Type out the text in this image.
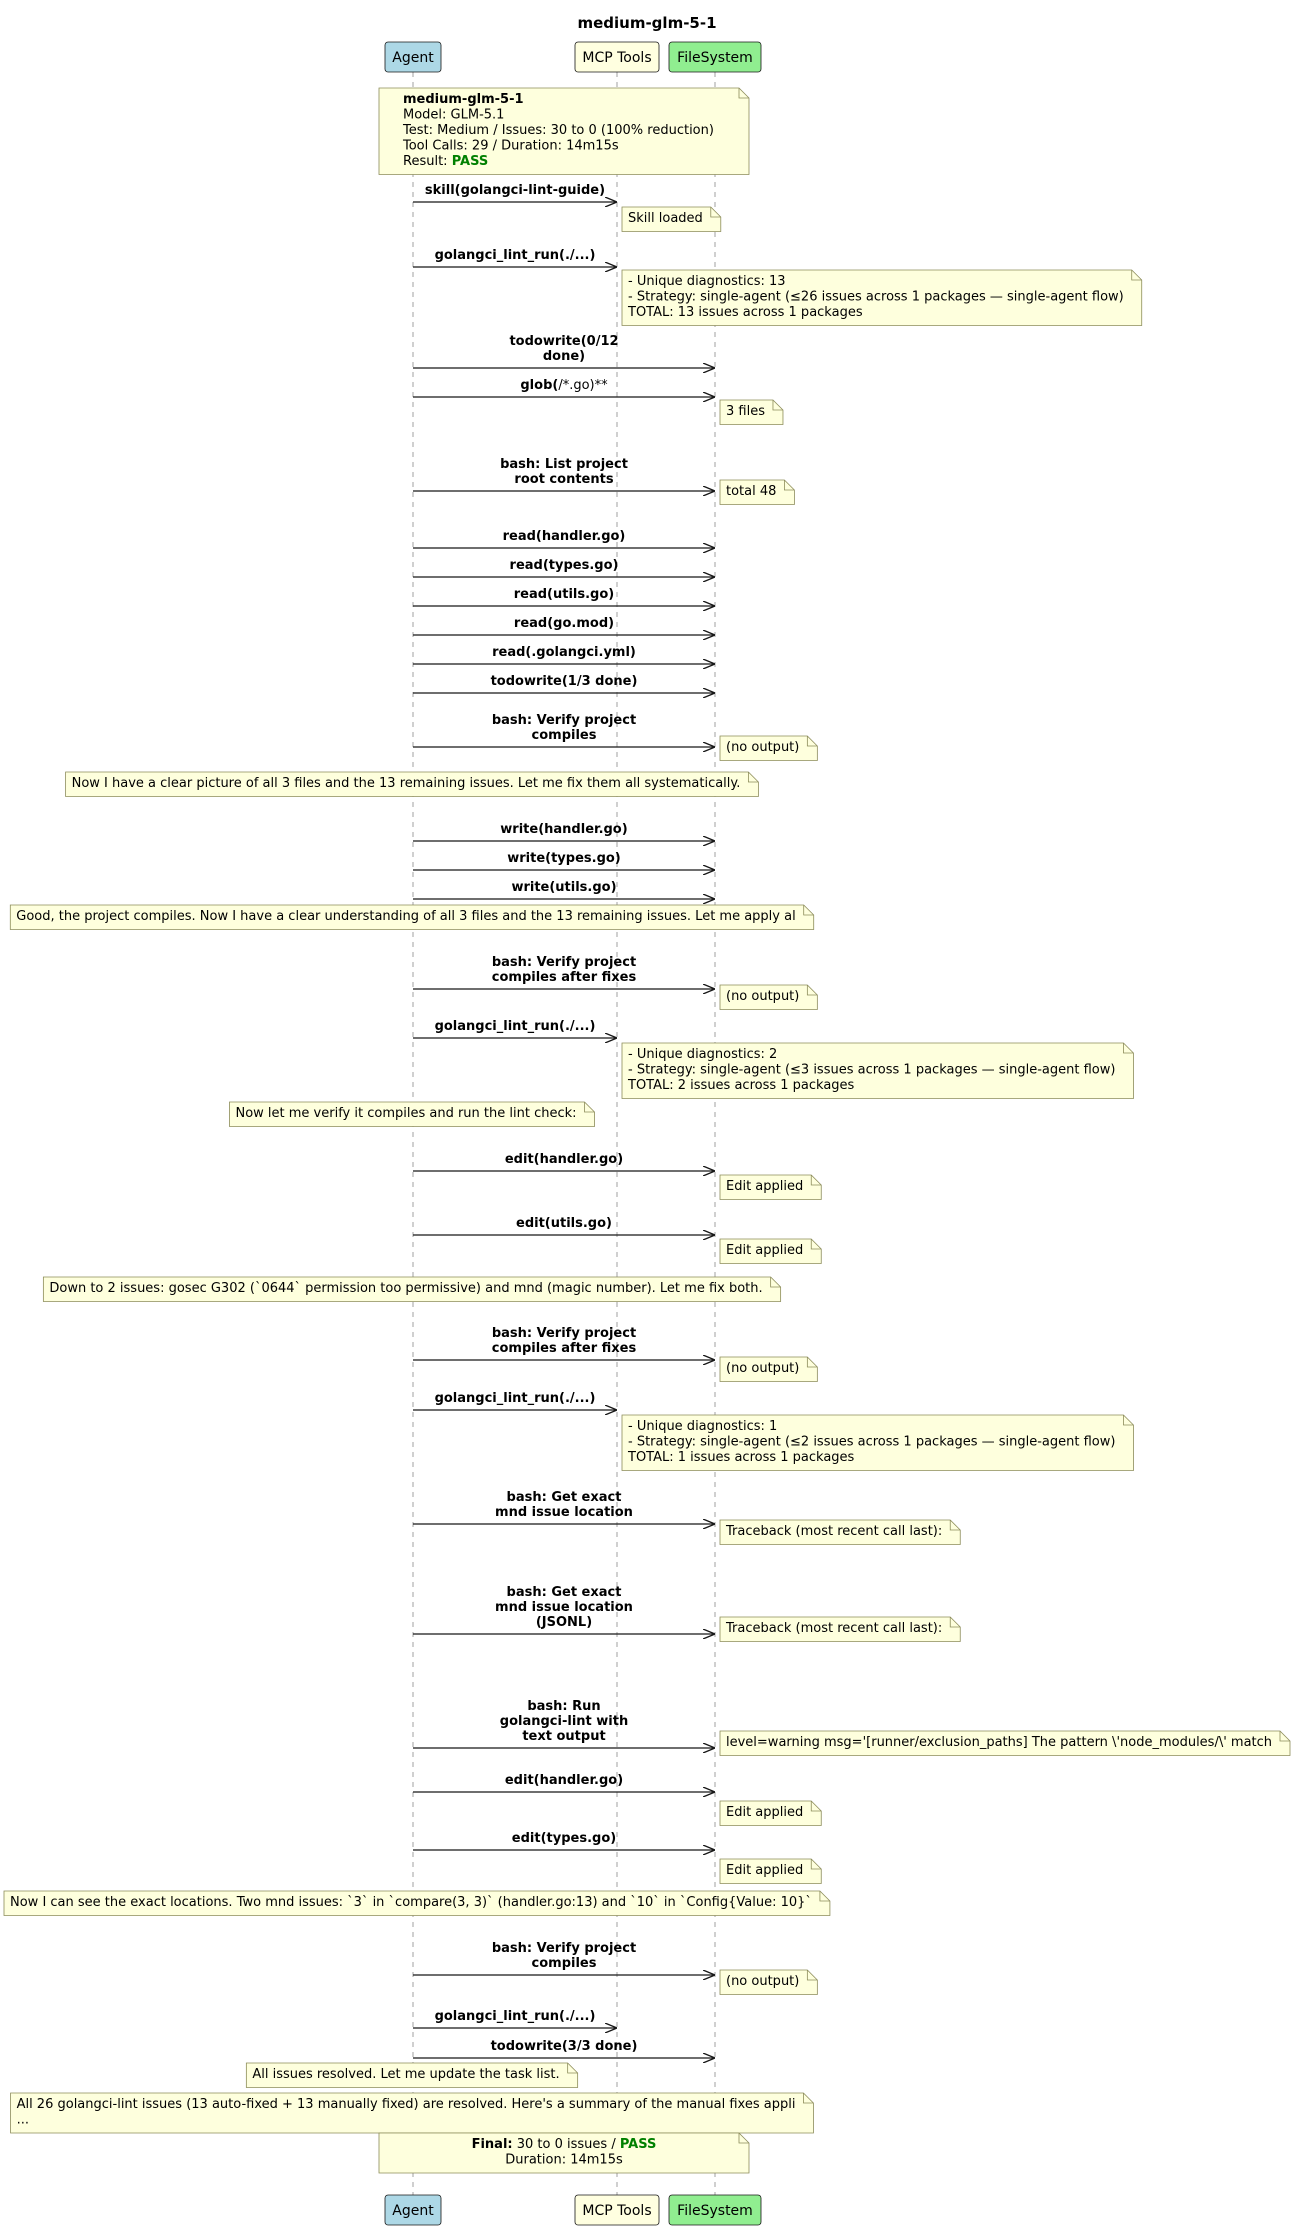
medium-glm-5-1
Agent	MCP Tools FileSystem
medium-glm-5-1
Model: GLM-5.1
Test: Medium / Issues: 30 to 0 (100% reduction)
Tool Calls: 29 / Duration: 14m15s
Result: PASS
skill(golangci-lint-guide)
Skill loaded
golangci_lint_run(./...)
- Unique diagnostics: 13
- Strategy: single-agent (≤26 issues across 1 packages — single-agent flow)
TOTAL: 13 issues across 1 packages
todowrite(0/12
done)
glob(/*.go)**
3 files
bash: List project
root contents
total 48
read(handler.go)
read(types.go)
read(utils.go)
read(go.mod)
read(.golangci.yml)
todowrite(1/3 done)
bash: Verify project
compiles
(no output)
Now I have a clear picture of all 3 files and the 13 remaining issues. Let me fix them all systematically.
write(handler.go)
write(types.go)
write(utils.go)
Good, the project compiles. Now I have a clear understanding of all 3 files and the 13 remaining issues. Let me apply al
bash: Verify project
compiles after fixes
(no output)
golangci_lint_run(./...)
- Unique diagnostics: 2
- Strategy: single-agent (≤3 issues across 1 packages — single-agent flow)
TOTAL: 2 issues across 1 packages
Now let me verify it compiles and run the lint check:
edit(handler.go)
Edit applied
edit(utils.go)
Edit applied
Down to 2 issues: gosec G302 (`0644` permission too permissive) and mnd (magic number). Let me fix both.
bash: Verify project
compiles after fixes
(no output)
golangci_lint_run(./...)
- Unique diagnostics: 1
- Strategy: single-agent (≤2 issues across 1 packages — single-agent flow)
TOTAL: 1 issues across 1 packages
bash: Get exact
mnd issue location
Traceback (most recent call last):
bash: Get exact
mnd issue location
(JSONL)	Traceback (most recent call last):
bash: Run
golangci-lint with
text output	level=warning msg='[runner/exclusion_paths] The pattern \'node_modules/\' match
edit(handler.go)
Edit applied
edit(types.go)
Edit applied
Now I can see the exact locations. Two mnd issues: `3` in `compare(3, 3)` (handler.go:13) and `10` in `Config{Value: 10}`
bash: Verify project
compiles
(no output)
golangci_lint_run(./...)
todowrite(3/3 done)
All issues resolved. Let me update the task list.
All 26 golangci-lint issues (13 auto-fixed + 13 manually fixed) are resolved. Here's a summary of the manual fixes appli
...
Final: 30 to 0 issues / PASS
Duration: 14m15s
Agent	MCP Tools FileSystem
